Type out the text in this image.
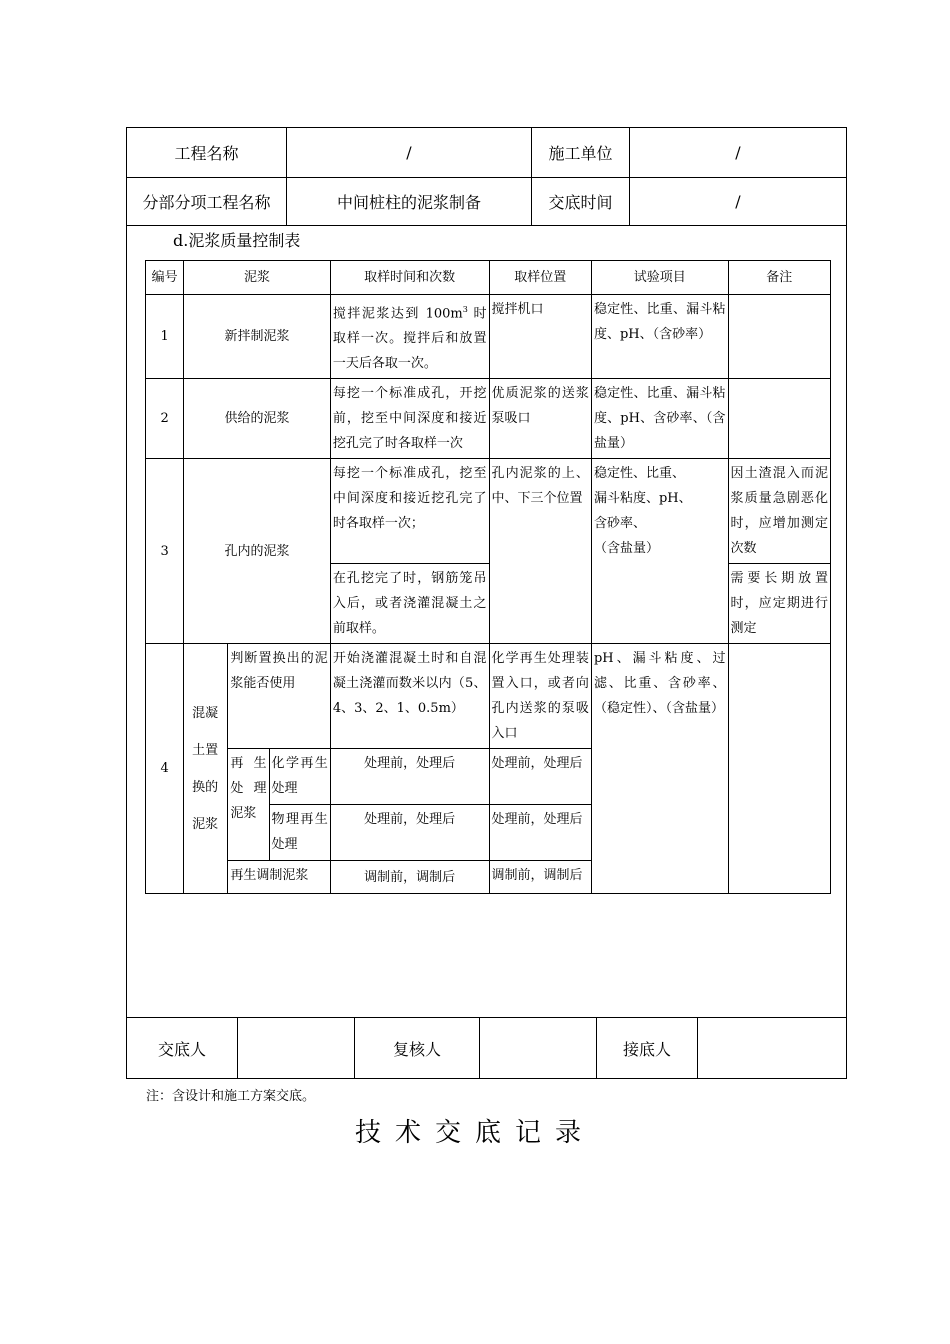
工程名称	/	施工单位	/
分部分项工程名称	中间桩柱的泥浆制备	交底时间	/
d.泥浆质量控制表
编号	泥浆			取样时间和次数	取样位置	试验项目	备注
1	新拌制泥浆			搅拌泥浆达到 $100m^3$ 时取样一次。搅拌后和放置一天后各取一次。	搅拌机口	稳定性、比重、漏斗粘度、pH、（含砂率）	
2	供给的泥浆			每挖一个标准成孔，开挖前，挖至中间深度和接近挖孔完了时各取样一次	优质泥浆的送浆泵吸口	稳定性、比重、漏斗粘度、pH、含砂率、（含盐量）	
3	孔内的泥浆			每挖一个标准成孔，挖至中间深度和接近挖孔完了时各取样一次；	孔内泥浆的上、中、下三个位置	稳定性、比重、
漏斗粘度、pH、
含砂率、
（含盐量）	因土渣混入而泥浆质量急剧恶化时，应增加测定次数
				在孔挖完了时，钢筋笼吊入后，或者浇灌混凝土之前取样。			需要长期放置时，应定期进行测定
4	混凝土置换的泥浆	判断置换出的泥浆能否使用		开始浇灌混凝土时和自混凝土浇灌而数米以内（5、4、3、2、1、0.5m）	化学再生处理装置入口，或者向孔内送浆的泵吸入口	pH、漏斗粘度、过滤、比重、含砂率、（稳定性）、（含盐量）	
		再生处理泥浆	化学再生处理	处理前，处理后	处理前，处理后		
			物理再生处理	处理前，处理后	处理前，处理后		
		再生调制泥浆		调制前，调制后	调制前，调制后		
交底人	复核人	接底人
注：含设计和施工方案交底。
技术交底记录
